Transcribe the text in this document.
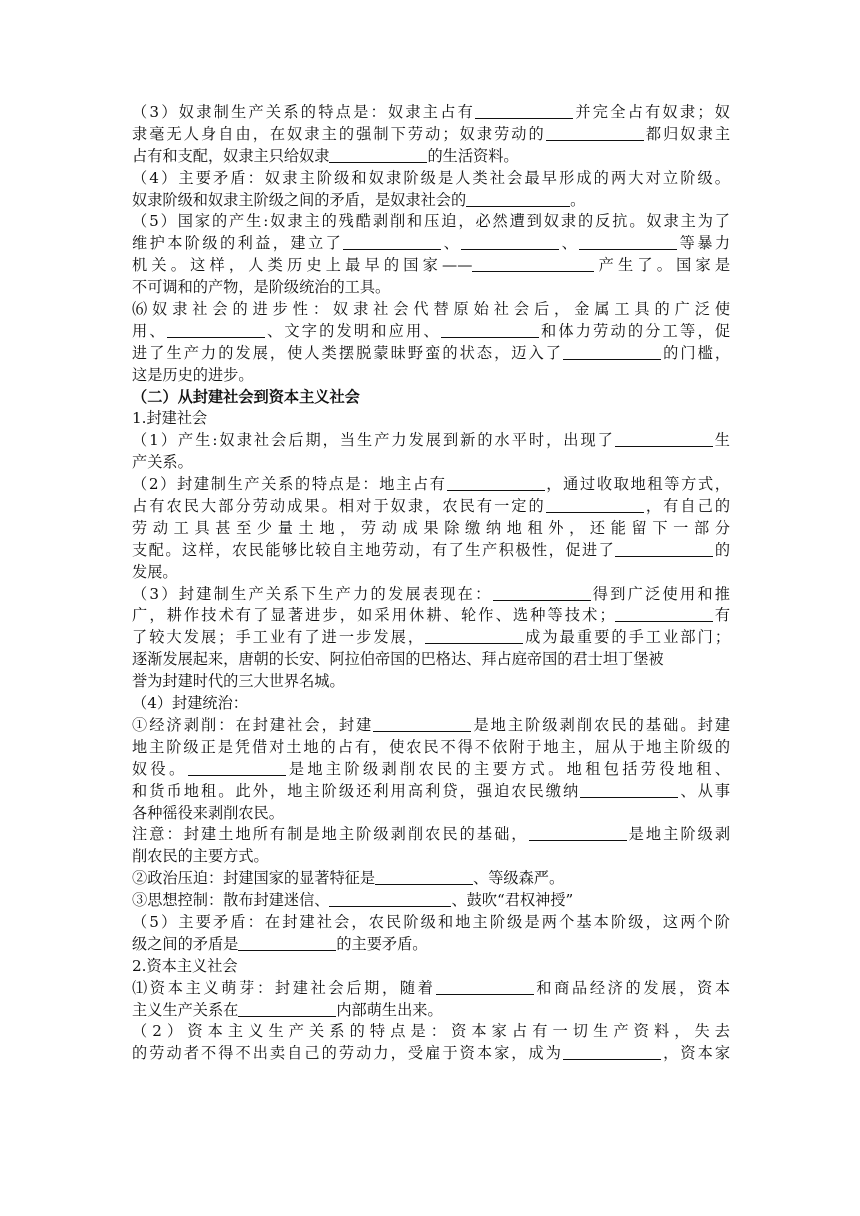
（3）奴隶制生产关系的特点是：奴隶主占有	并完全占有奴隶；奴
隶毫无人身自由，在奴隶主的强制下劳动；奴隶劳动的	都归奴隶主
占有和支配，奴隶主只给奴隶	的生活资料。
（4）主要矛盾：奴隶主阶级和奴隶阶级是人类社会最早形成的两大对立阶级。
奴隶阶级和奴隶主阶级之间的矛盾，是奴隶社会的	。
（5）国家的产生:奴隶主的残酷剥削和压迫，必然遭到奴隶的反抗。奴隶主为了
维护本阶级的利益，建立了	、	、	等暴力
机关。这样，人类历史上最早的国家——	产生了。国家是
不可调和的产物，是阶级统治的工具。
⑹奴隶社会的进步性：奴隶社会代替原始社会后，金属工具的广泛使
用、	、文字的发明和应用、	和体力劳动的分工等，促
进了生产力的发展，使人类摆脱蒙昧野蛮的状态，迈入了	的门槛，
这是历史的进步。
（二）从封建社会到资本主义社会
1.封建社会
（1）产生:奴隶社会后期，当生产力发展到新的水平时，出现了	生
产关系。
（2）封建制生产关系的特点是：地主占有	，通过收取地租等方式，
占有农民大部分劳动成果。相对于奴隶，农民有一定的	，有自己的
劳动工具甚至少量土地，劳动成果除缴纳地租外，还能留下一部分
支配。这样，农民能够比较自主地劳动，有了生产积极性，促进了	的
发展。
（3）封建制生产关系下生产力的发展表现在：	得到广泛使用和推
广，耕作技术有了显著进步，如采用休耕、轮作、选种等技术；	有
了较大发展；手工业有了进一步发展，	成为最重要的手工业部门；
逐渐发展起来，唐朝的长安、阿拉伯帝国的巴格达、拜占庭帝国的君士坦丁堡被
誉为封建时代的三大世界名城。
（4）封建统治：
①经济剥削：在封建社会，封建	是地主阶级剥削农民的基础。封建
地主阶级正是凭借对土地的占有，使农民不得不依附于地主，屈从于地主阶级的
奴役。	是地主阶级剥削农民的主要方式。地租包括劳役地租、
和货币地租。此外，地主阶级还利用高利贷，强迫农民缴纳	、从事
各种徭役来剥削农民。
注意：封建土地所有制是地主阶级剥削农民的基础，	是地主阶级剥
削农民的主要方式。
②政治压迫：封建国家的显著特征是	、等级森严。
③思想控制：散布封建迷信、	、鼓吹“君权神授”
（5）主要矛盾：在封建社会，农民阶级和地主阶级是两个基本阶级，这两个阶
级之间的矛盾是	的主要矛盾。
2.资本主义社会
⑴资本主义萌芽：封建社会后期，随着	和商品经济的发展，资本
主义生产关系在	内部萌生出来。
（2）资本主义生产关系的特点是：资本家占有一切生产资料，失去
的劳动者不得不出卖自己的劳动力，受雇于资本家，成为	，资本家
